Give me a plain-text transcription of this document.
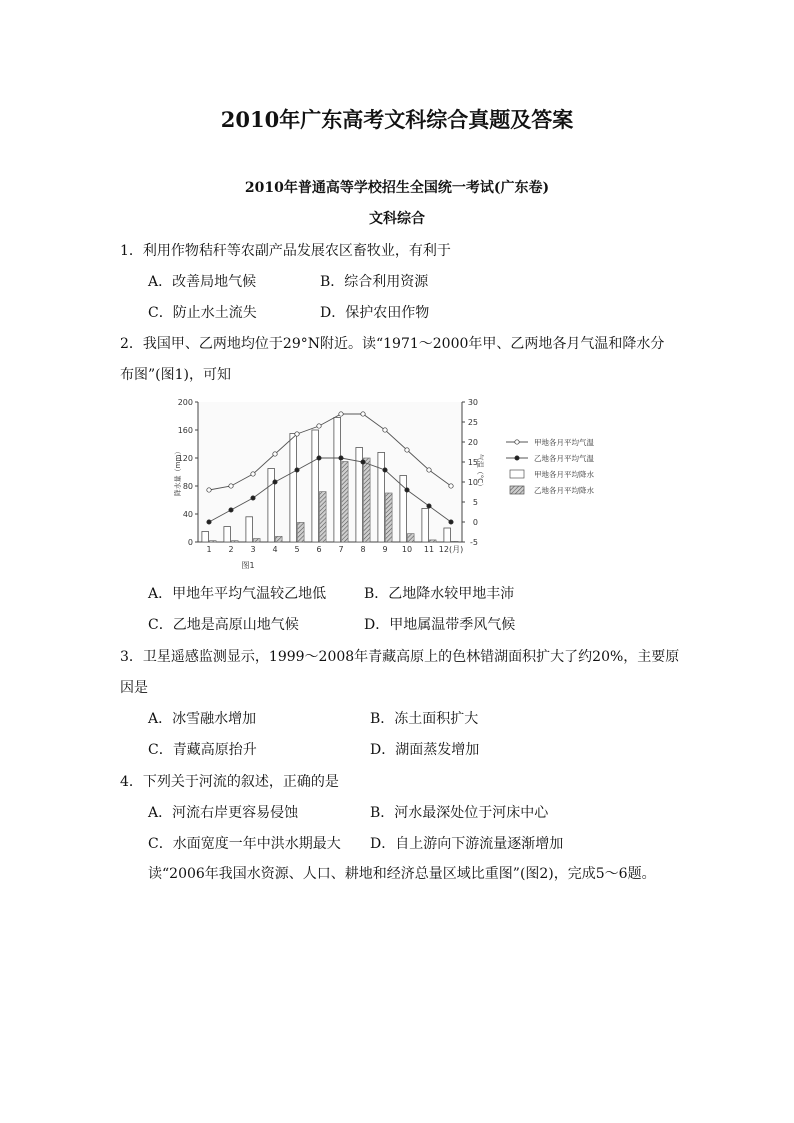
2010年广东高考文科综合真题及答案
2010年普通高等学校招生全国统一考试(广东卷)
文科综合
1．利用作物秸秆等农副产品发展农区畜牧业，有利于
A．改善局地气候	B．综合利用资源
C．防止水土流失	D．保护农田作物
2．我国甲、乙两地均位于29°N附近。读“1971～2000年甲、乙两地各月气温和降水分
布图”(图1)，可知
0
40
80
120
160
200
降水量（mm）
-5
0
5
10
15
20
25
30
气温（°C）
1 2 3 4 5 6 7 8 9 10 11 12(月)
图1
甲地各月平均气温
乙地各月平均气温
甲地各月平均降水
乙地各月平均降水
A．甲地年平均气温较乙地低	B．乙地降水较甲地丰沛
C．乙地是高原山地气候	D．甲地属温带季风气候
3．卫星遥感监测显示，1999～2008年青藏高原上的色林错湖面积扩大了约20%，主要原
因是
A．冰雪融水增加	B．冻土面积扩大
C．青藏高原抬升	D．湖面蒸发增加
4．下列关于河流的叙述，正确的是
A．河流右岸更容易侵蚀	B．河水最深处位于河床中心
C．水面宽度一年中洪水期最大 D．自上游向下游流量逐渐增加
读“2006年我国水资源、人口、耕地和经济总量区域比重图”(图2)，完成5～6题。
